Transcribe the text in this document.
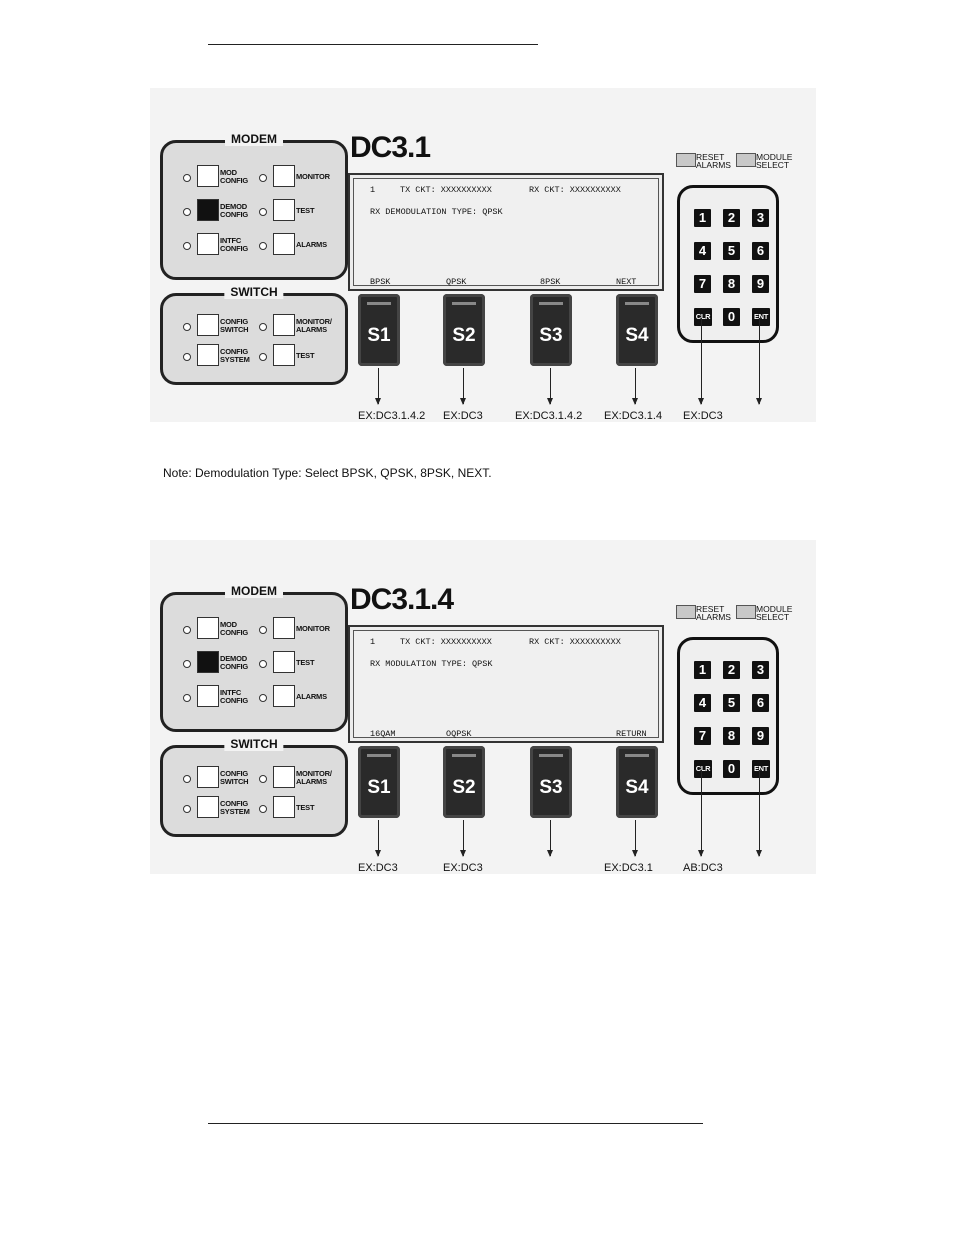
DC3.1
MODEM
MOD
CONFIG	MONITOR
DEMOD
CONFIG	TEST
INTFC
CONFIG	ALARMS
SWITCH
CONFIG
SWITCH
MONITOR/
ALARMS
CONFIG
SYSTEM	TEST
1	TX CKT: XXXXXXXXXX	RX CKT: XXXXXXXXXX
RX DEMODULATION TYPE: QPSK
BPSK	QPSK	8PSK	NEXT
S1	S2	S3	S4
RESET
ALARMS
MODULE
SELECT
1	2	3
4	5	6
7	8	9
CLR	0	ENT
EX:DC3.1.4.2 EX:DC3	EX:DC3.1.4.2 EX:DC3.1.4 EX:DC3
Note: Demodulation Type: Select BPSK, QPSK, 8PSK, NEXT.
DC3.1.4
MODEM
MOD
CONFIG	MONITOR
DEMOD
CONFIG	TEST
INTFC
CONFIG	ALARMS
SWITCH
CONFIG
SWITCH
MONITOR/
ALARMS
CONFIG
SYSTEM	TEST
1	TX CKT: XXXXXXXXXX	RX CKT: XXXXXXXXXX
RX MODULATION TYPE: QPSK
16QAM	OQPSK	RETURN
S1	S2	S3	S4
RESET
ALARMS
MODULE
SELECT
1	2	3
4	5	6
7	8	9
CLR	0	ENT
EX:DC3	EX:DC3	EX:DC3.1	AB:DC3
